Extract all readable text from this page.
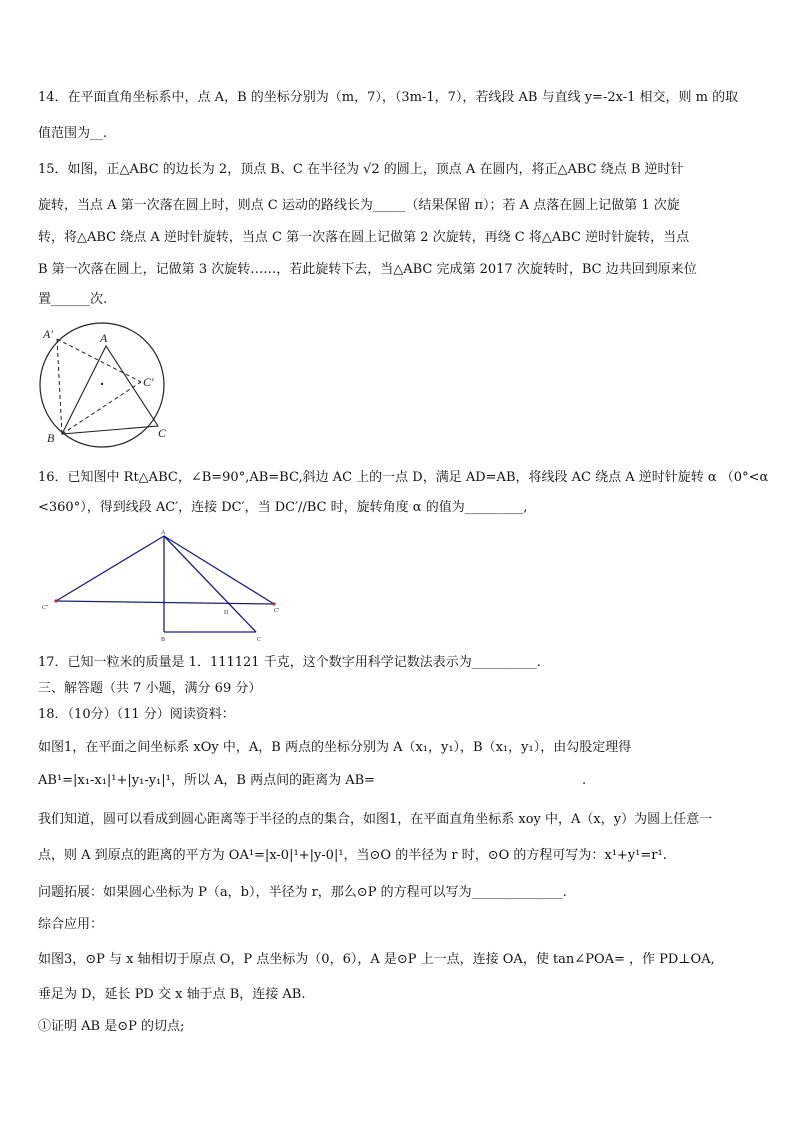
14．在平面直角坐标系中，点 A，B 的坐标分别为（m，7），（3m-1，7），若线段 AB 与直线 y=-2x-1 相交，则 m 的取
值范围为__.
15．如图，正△ABC 的边长为 2，顶点 B、C 在半径为 √2 的圆上，顶点 A 在圆内，将正△ABC 绕点 B 逆时针
旋转，当点 A 第一次落在圆上时，则点 C 运动的路线长为_____（结果保留 π）；若 A 点落在圆上记做第 1 次旋
转，将△ABC 绕点 A 逆时针旋转，当点 C 第一次落在圆上记做第 2 次旋转，再绕 C 将△ABC 逆时针旋转，当点
B 第一次落在圆上，记做第 3 次旋转……，若此旋转下去，当△ABC 完成第 2017 次旋转时，BC 边共回到原来位
置______次.
A′	A
C′
B	C
16．已知图中 Rt△ABC，∠B=90°,AB=BC,斜边 AC 上的一点 D，满足 AD=AB，将线段 AC 绕点 A 逆时针旋转 α （0°<α
<360°），得到线段 AC′，连接 DC′，当 DC′//BC 时，旋转角度 α 的值为_________,
A
C″
D	C′
B	C
17．已知一粒米的质量是 1．111121 千克，这个数字用科学记数法表示为__________.
三、解答题（共 7 小题，满分 69 分）
18．（10分）（11 分）阅读资料：
如图1，在平面之间坐标系 xOy 中，A，B 两点的坐标分别为 A（x₁，y₁），B（x₁，y₁），由勾股定理得
AB¹=|x₁-x₁|¹+|y₁-y₁|¹，所以 A，B 两点间的距离为 AB=	.
我们知道，圆可以看成到圆心距离等于半径的点的集合，如图1，在平面直角坐标系 xoy 中，A（x，y）为圆上任意一
点，则 A 到原点的距离的平方为 OA¹=|x-0|¹+|y-0|¹，当⊙O 的半径为 r 时，⊙O 的方程可写为：x¹+y¹=r¹.
问题拓展：如果圆心坐标为 P（a，b），半径为 r，那么⊙P 的方程可以写为______________.
综合应用：
如图3，⊙P 与 x 轴相切于原点 O，P 点坐标为（0，6），A 是⊙P 上一点，连接 OA，使 tan∠POA= ，作 PD⊥OA,
垂足为 D，延长 PD 交 x 轴于点 B，连接 AB.
①证明 AB 是⊙P 的切点;
